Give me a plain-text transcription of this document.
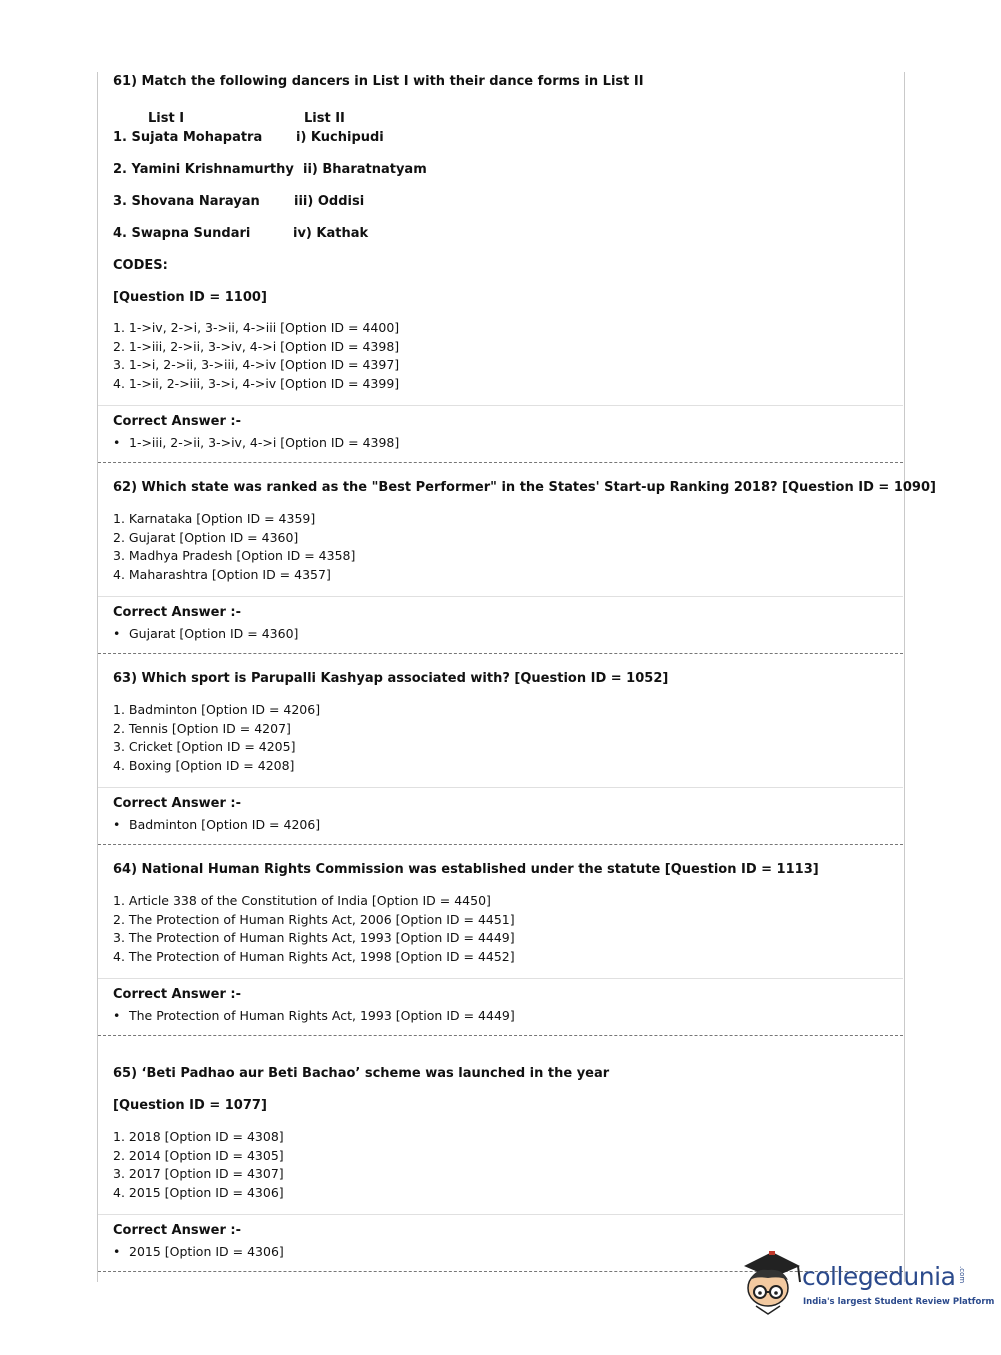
61) Match the following dancers in List I with their dance forms in List II
List I	List II
1. Sujata Mohapatra	i) Kuchipudi
2. Yamini Krishnamurthy ii) Bharatnatyam
3. Shovana Narayan	iii) Oddisi
4. Swapna Sundari	iv) Kathak
CODES:
[Question ID = 1100]
1. 1->iv, 2->i, 3->ii, 4->iii [Option ID = 4400]
2. 1->iii, 2->ii, 3->iv, 4->i [Option ID = 4398]
3. 1->i, 2->ii, 3->iii, 4->iv [Option ID = 4397]
4. 1->ii, 2->iii, 3->i, 4->iv [Option ID = 4399]
Correct Answer :-
• 1->iii, 2->ii, 3->iv, 4->i [Option ID = 4398]
62) Which state was ranked as the "Best Performer" in the States' Start-up Ranking 2018? [Question ID = 1090]
1. Karnataka [Option ID = 4359]
2. Gujarat [Option ID = 4360]
3. Madhya Pradesh [Option ID = 4358]
4. Maharashtra [Option ID = 4357]
Correct Answer :-
• Gujarat [Option ID = 4360]
63) Which sport is Parupalli Kashyap associated with? [Question ID = 1052]
1. Badminton [Option ID = 4206]
2. Tennis [Option ID = 4207]
3. Cricket [Option ID = 4205]
4. Boxing [Option ID = 4208]
Correct Answer :-
• Badminton [Option ID = 4206]
64) National Human Rights Commission was established under the statute [Question ID = 1113]
1. Article 338 of the Constitution of India [Option ID = 4450]
2. The Protection of Human Rights Act, 2006 [Option ID = 4451]
3. The Protection of Human Rights Act, 1993 [Option ID = 4449]
4. The Protection of Human Rights Act, 1998 [Option ID = 4452]
Correct Answer :-
• The Protection of Human Rights Act, 1993 [Option ID = 4449]
65) ‘Beti Padhao aur Beti Bachao’ scheme was launched in the year
[Question ID = 1077]
1. 2018 [Option ID = 4308]
2. 2014 [Option ID = 4305]
3. 2017 [Option ID = 4307]
4. 2015 [Option ID = 4306]
Correct Answer :-
• 2015 [Option ID = 4306]
collegedunia .com
India's largest Student Review Platform
